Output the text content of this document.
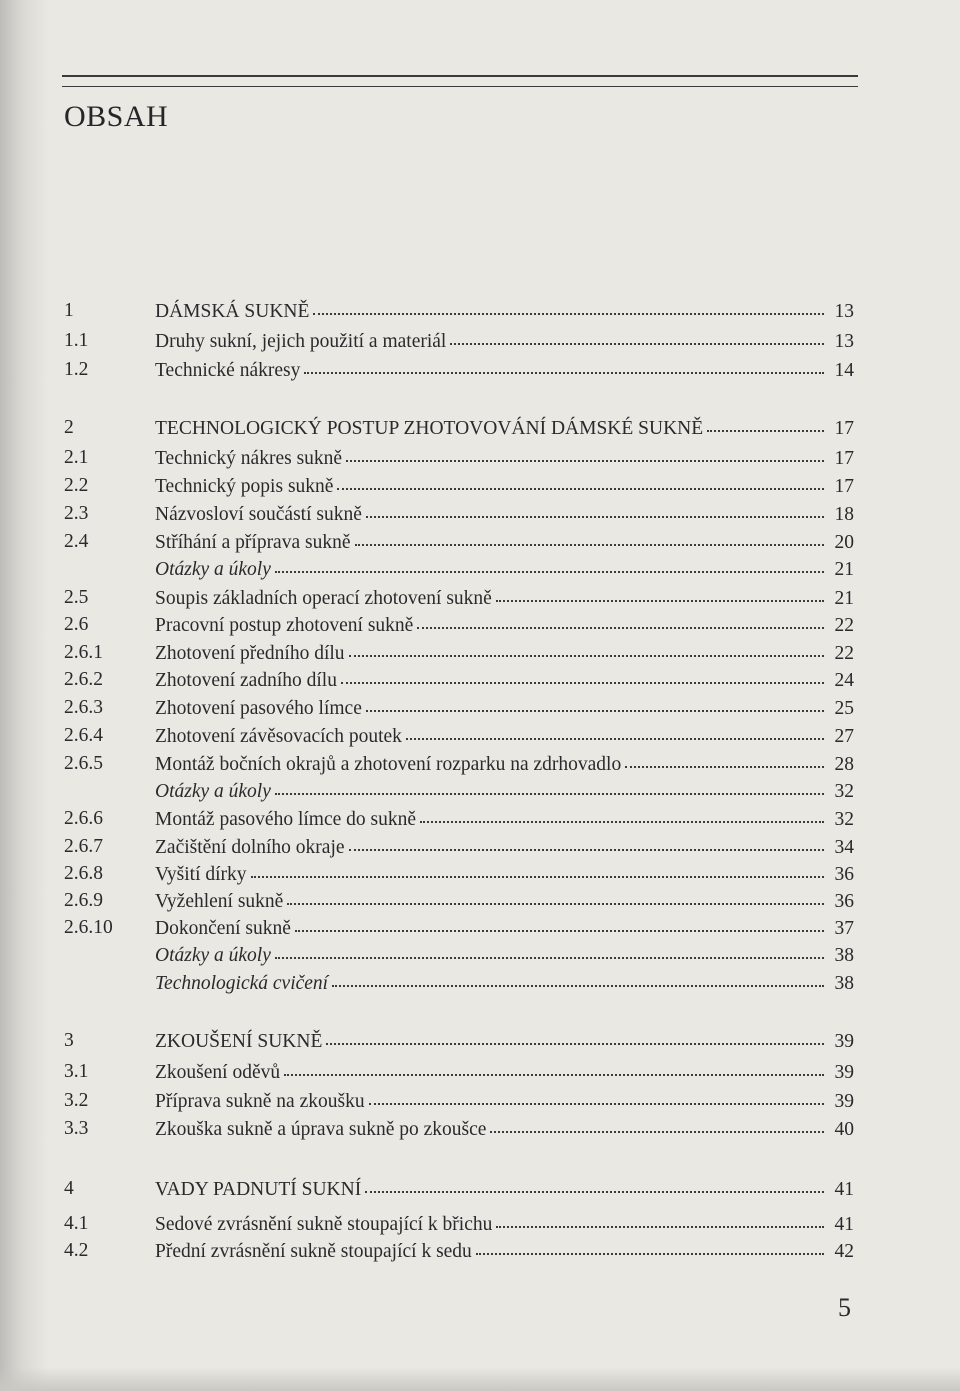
OBSAH
1	DÁMSKÁ SUKNĚ	13
1.1	Druhy sukní, jejich použití a materiál	13
1.2	Technické nákresy	14
2	TECHNOLOGICKÝ POSTUP ZHOTOVOVÁNÍ DÁMSKÉ SUKNĚ	17
2.1	Technický nákres sukně	17
2.2	Technický popis sukně	17
2.3	Názvosloví součástí sukně	18
2.4	Stříhání a příprava sukně	20
Otázky a úkoly	21
2.5	Soupis základních operací zhotovení sukně	21
2.6	Pracovní postup zhotovení sukně	22
2.6.1	Zhotovení předního dílu	22
2.6.2	Zhotovení zadního dílu	24
2.6.3	Zhotovení pasového límce	25
2.6.4	Zhotovení závěsovacích poutek	27
2.6.5	Montáž bočních okrajů a zhotovení rozparku na zdrhovadlo	28
Otázky a úkoly	32
2.6.6	Montáž pasového límce do sukně	32
2.6.7	Začištění dolního okraje	34
2.6.8	Vyšití dírky	36
2.6.9	Vyžehlení sukně	36
2.6.10 Dokončení sukně	37
Otázky a úkoly	38
Technologická cvičení	38
3	ZKOUŠENÍ SUKNĚ	39
3.1	Zkoušení oděvů	39
3.2	Příprava sukně na zkoušku	39
3.3	Zkouška sukně a úprava sukně po zkoušce	40
4	VADY PADNUTÍ SUKNÍ	41
4.1	Sedové zvrásnění sukně stoupající k břichu	41
4.2	Přední zvrásnění sukně stoupající k sedu	42
5
